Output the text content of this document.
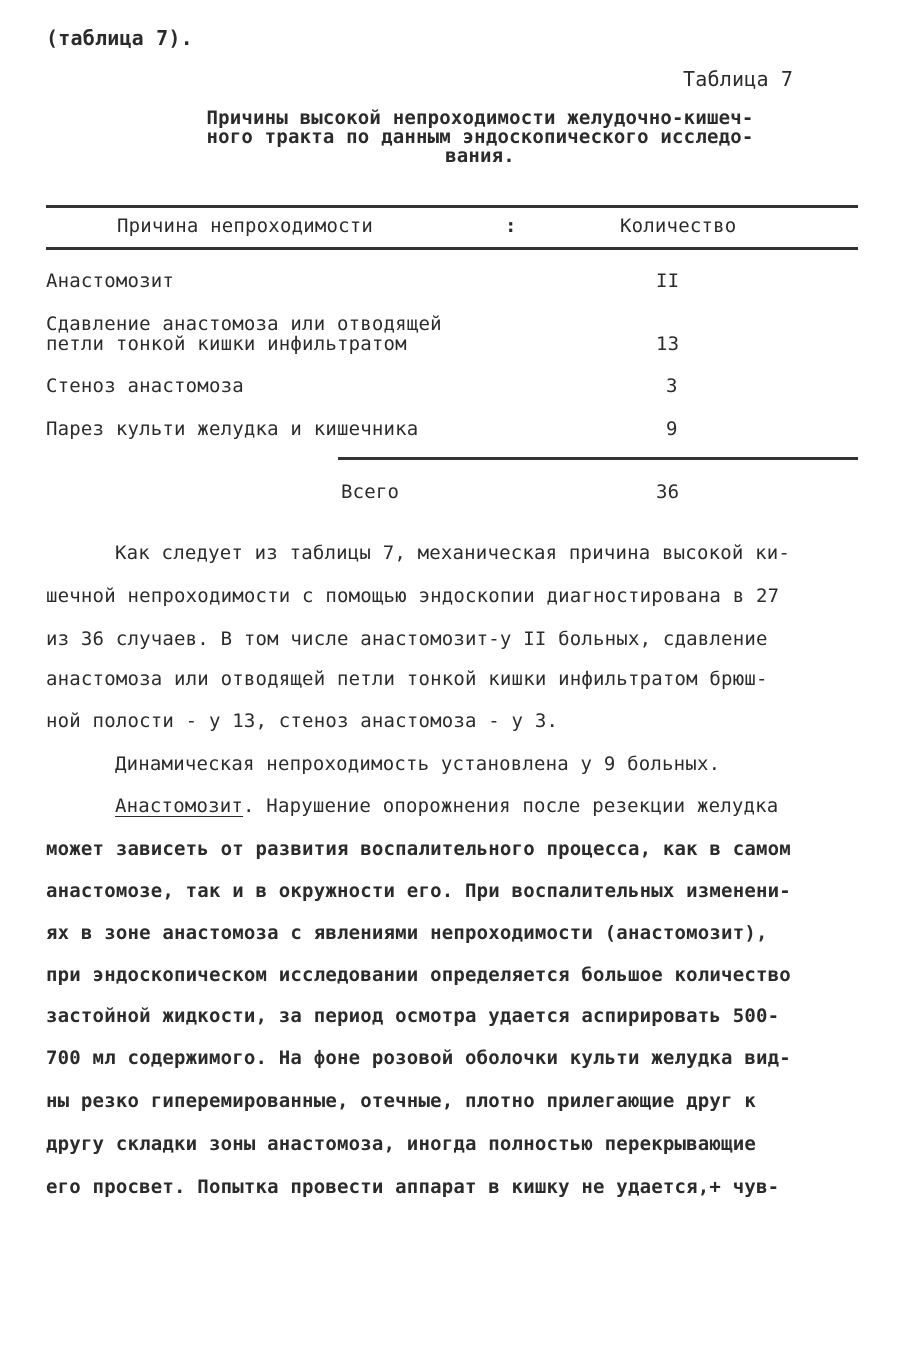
(таблица 7).
Таблица 7
Причины высокой непроходимости желудочно-кишеч-
ного тракта по данным эндоскопического исследо-
вания.
Причина непроходимости	:	Количество
Анастомозит	II
Сдавление анастомоза или отводящей
петли тонкой кишки инфильтратом	13
Стеноз анастомоза	3
Парез культи желудка и кишечника	9
Всего	36
Как следует из таблицы 7, механическая причина высокой ки-
шечной непроходимости с помощью эндоскопии диагностирована в 27
из 36 случаев. В том числе анастомозит-у II больных, сдавление
анастомоза или отводящей петли тонкой кишки инфильтратом брюш-
ной полости - у 13, стеноз анастомоза - у 3.
Динамическая непроходимость установлена у 9 больных.
Анастомозит. Нарушение опорожнения после резекции желудка
может зависеть от развития воспалительного процесса, как в самом
анастомозе, так и в окружности его. При воспалительных изменени-
ях в зоне анастомоза с явлениями непроходимости (анастомозит),
при эндоскопическом исследовании определяется большое количество
застойной жидкости, за период осмотра удается аспирировать 500-
700 мл содержимого. На фоне розовой оболочки культи желудка вид-
ны резко гиперемированные, отечные, плотно прилегающие друг к
другу складки зоны анастомоза, иногда полностью перекрывающие
его просвет. Попытка провести аппарат в кишку не удается,+ чув-
